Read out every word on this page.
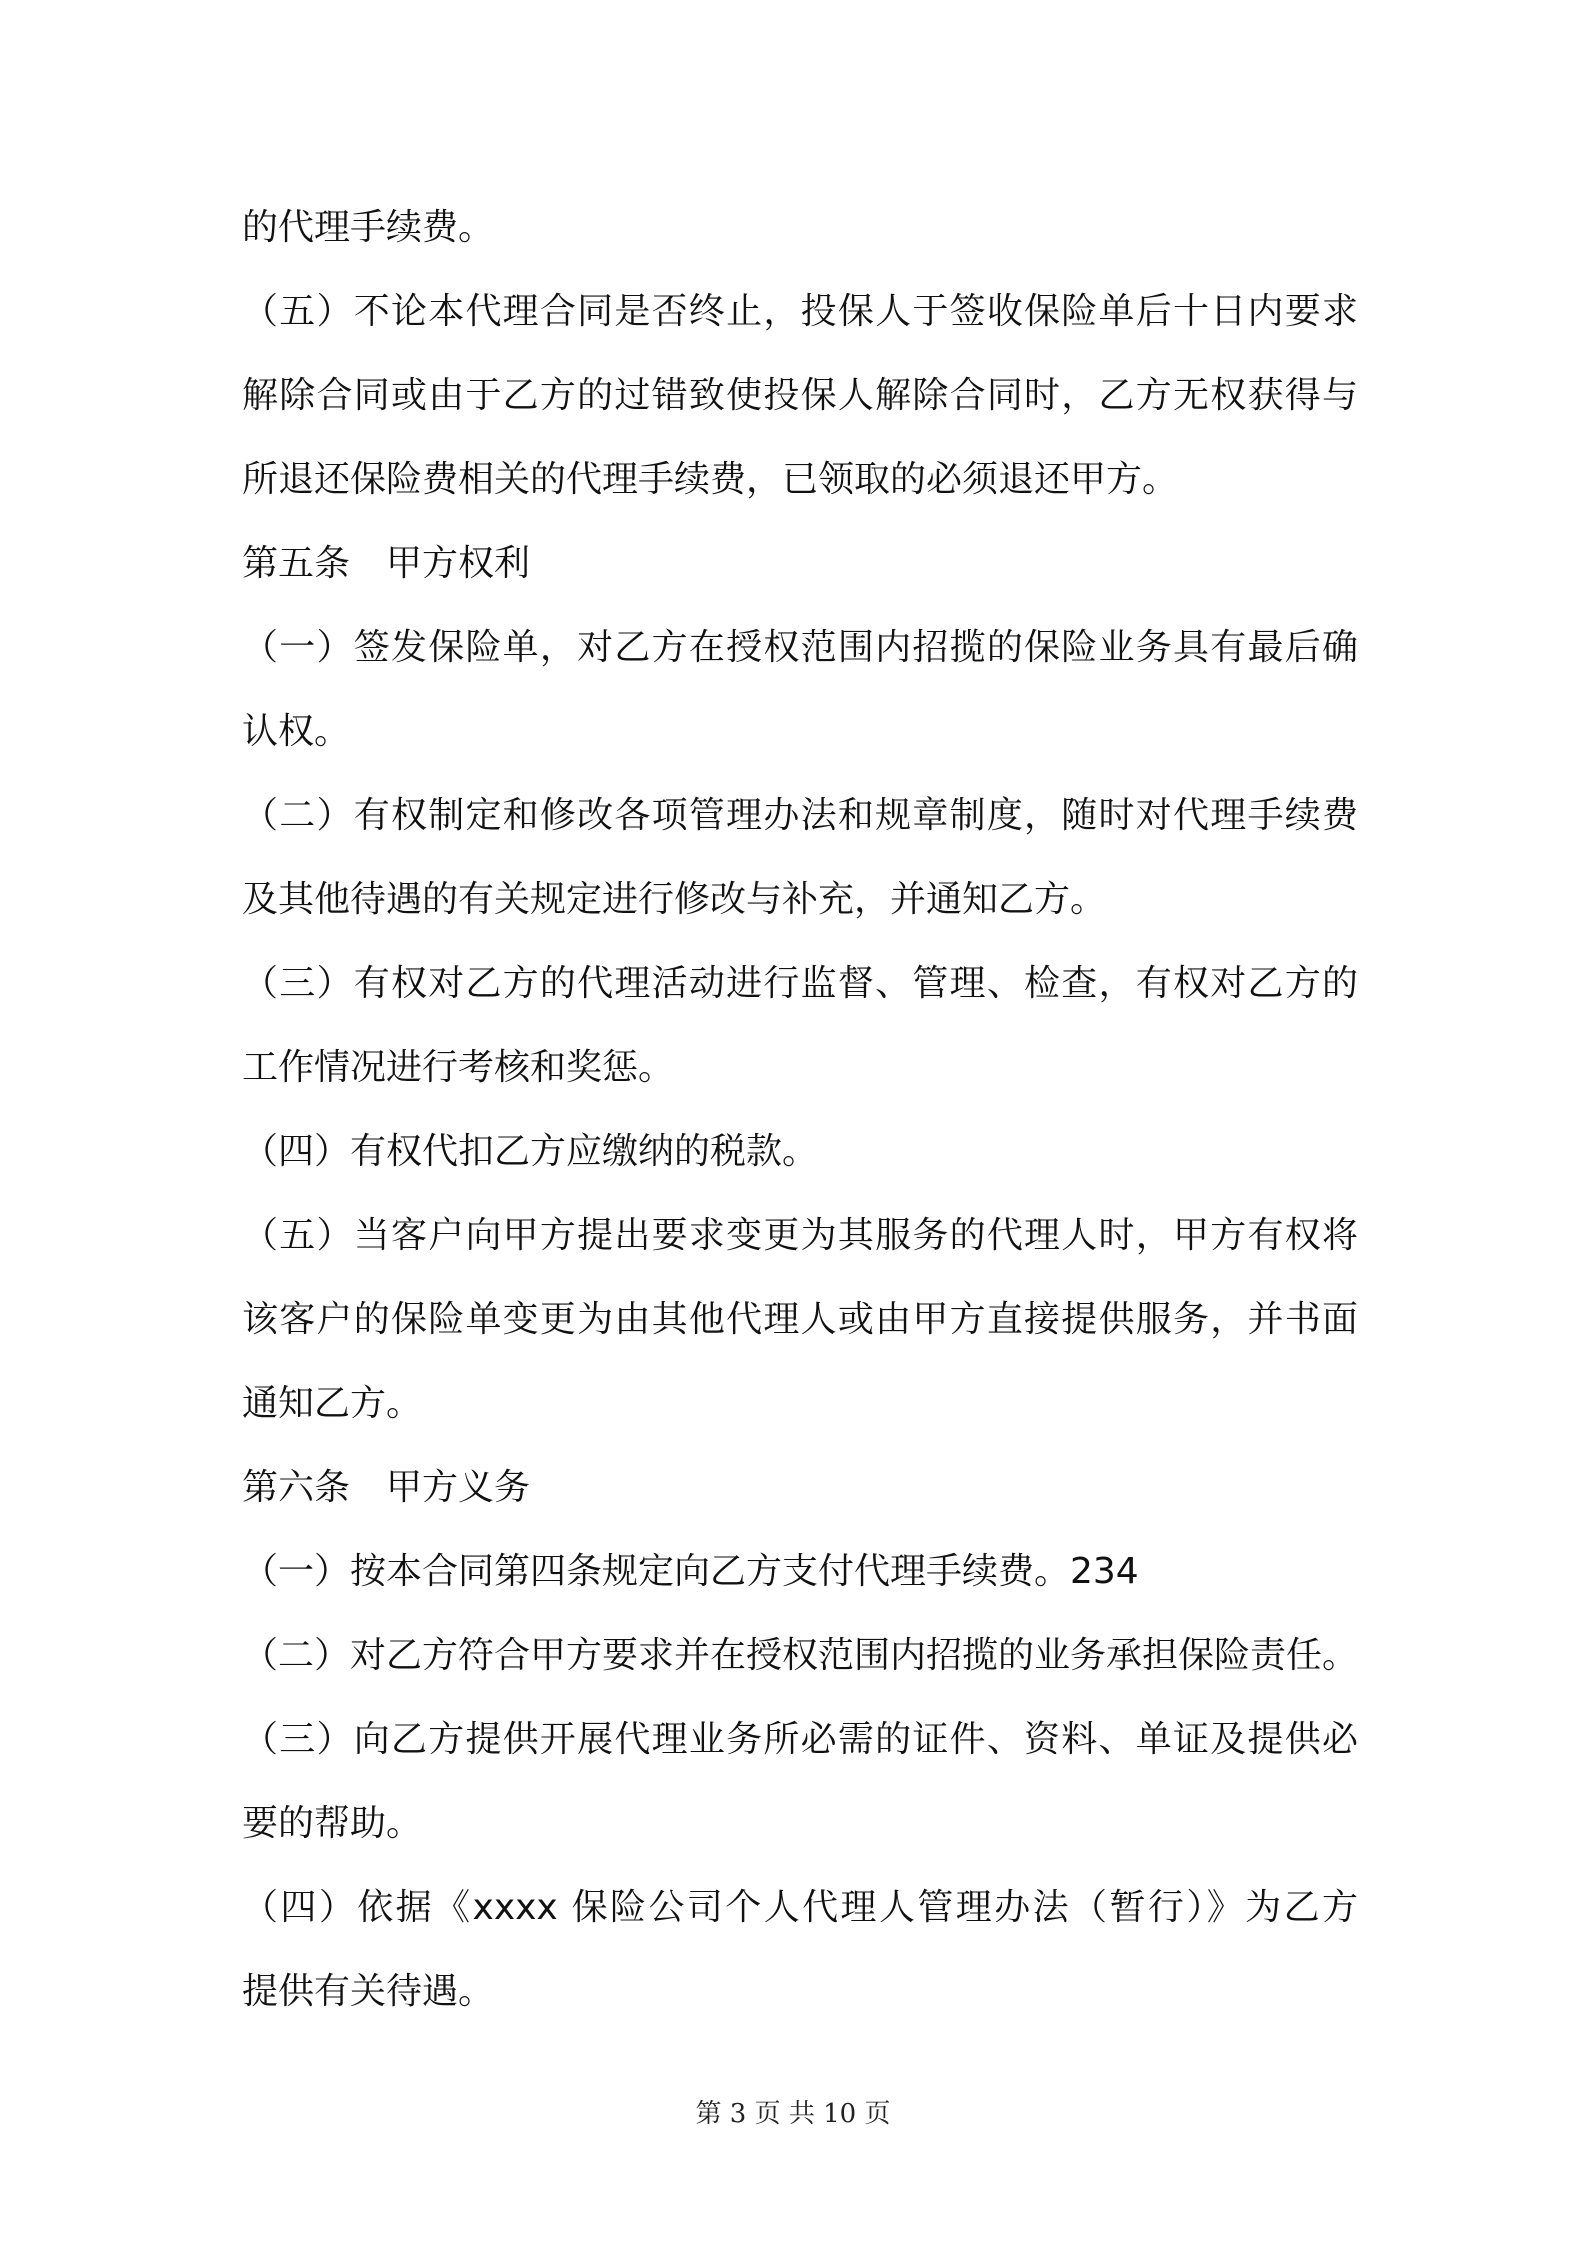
的代理手续费。
（五）不论本代理合同是否终止，投保人于签收保险单后十日内要求
解除合同或由于乙方的过错致使投保人解除合同时，乙方无权获得与
所退还保险费相关的代理手续费，已领取的必须退还甲方。
第五条　甲方权利
（一）签发保险单，对乙方在授权范围内招揽的保险业务具有最后确
认权。
（二）有权制定和修改各项管理办法和规章制度，随时对代理手续费
及其他待遇的有关规定进行修改与补充，并通知乙方。
（三）有权对乙方的代理活动进行监督、管理、检查，有权对乙方的
工作情况进行考核和奖惩。
（四）有权代扣乙方应缴纳的税款。
（五）当客户向甲方提出要求变更为其服务的代理人时，甲方有权将
该客户的保险单变更为由其他代理人或由甲方直接提供服务，并书面
通知乙方。
第六条　甲方义务
（一）按本合同第四条规定向乙方支付代理手续费。234
（二）对乙方符合甲方要求并在授权范围内招揽的业务承担保险责任。
（三）向乙方提供开展代理业务所必需的证件、资料、单证及提供必
要的帮助。
（四）依据《xxxx 保险公司个人代理人管理办法（暂行）》为乙方
提供有关待遇。
第 3 页 共 10 页
